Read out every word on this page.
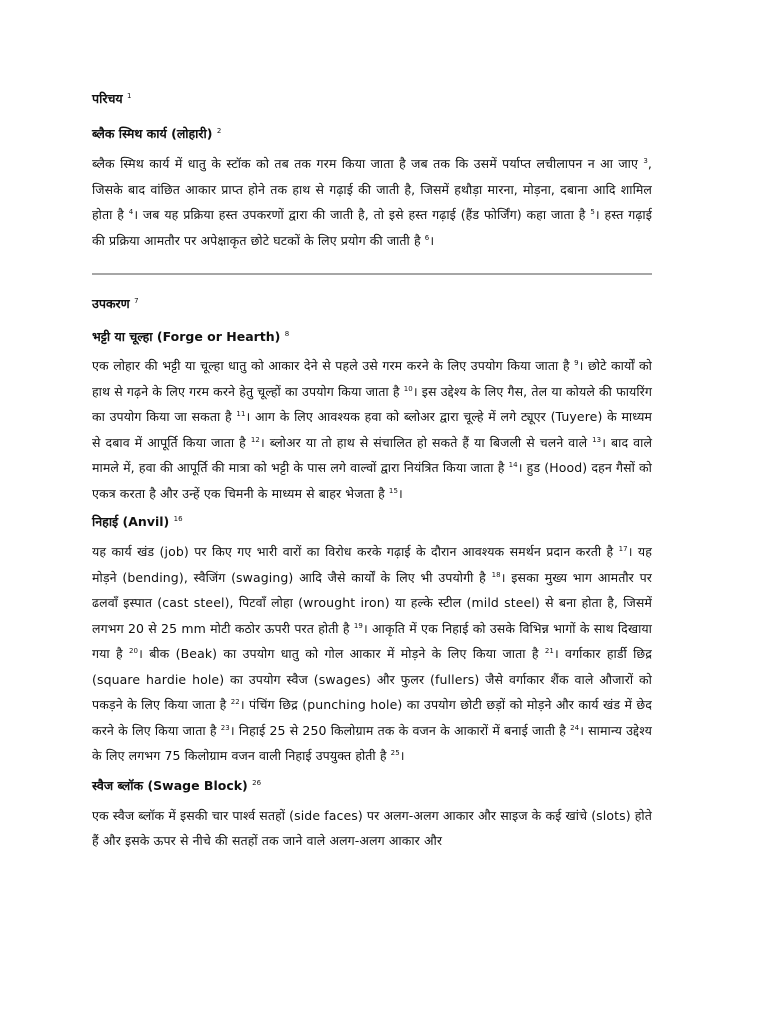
परिचय $^1$

ब्लैक स्मिथ कार्य (लोहारी) $^2$

ब्लैक स्मिथ कार्य में धातु के स्टॉक को तब तक गरम किया जाता है जब तक कि उसमें पर्याप्त लचीलापन न आ जाए $^3$, जिसके बाद वांछित आकार प्राप्त होने तक हाथ से गढ़ाई की जाती है, जिसमें हथौड़ा मारना, मोड़ना, दबाना आदि शामिल होता है $^4$। जब यह प्रक्रिया हस्त उपकरणों द्वारा की जाती है, तो इसे हस्त गढ़ाई (हैंड फोर्जिंग) कहा जाता है $^5$। हस्त गढ़ाई की प्रक्रिया आमतौर पर अपेक्षाकृत छोटे घटकों के लिए प्रयोग की जाती है $^6$।

उपकरण $^7$

भट्टी या चूल्हा (Forge or Hearth) $^8$

एक लोहार की भट्टी या चूल्हा धातु को आकार देने से पहले उसे गरम करने के लिए उपयोग किया जाता है $^9$। छोटे कार्यों को हाथ से गढ़ने के लिए गरम करने हेतु चूल्हों का उपयोग किया जाता है $^{10}$। इस उद्देश्य के लिए गैस, तेल या कोयले की फायरिंग का उपयोग किया जा सकता है $^{11}$। आग के लिए आवश्यक हवा को ब्लोअर द्वारा चूल्हे में लगे ट्यूएर (Tuyere) के माध्यम से दबाव में आपूर्ति किया जाता है $^{12}$। ब्लोअर या तो हाथ से संचालित हो सकते हैं या बिजली से चलने वाले $^{13}$। बाद वाले मामले में, हवा की आपूर्ति की मात्रा को भट्टी के पास लगे वाल्वों द्वारा नियंत्रित किया जाता है $^{14}$। हुड (Hood) दहन गैसों को एकत्र करता है और उन्हें एक चिमनी के माध्यम से बाहर भेजता है $^{15}$।

निहाई (Anvil) $^{16}$

यह कार्य खंड (job) पर किए गए भारी वारों का विरोध करके गढ़ाई के दौरान आवश्यक समर्थन प्रदान करती है $^{17}$। यह मोड़ने (bending), स्वैजिंग (swaging) आदि जैसे कार्यों के लिए भी उपयोगी है $^{18}$। इसका मुख्य भाग आमतौर पर ढलवाँ इस्पात (cast steel), पिटवाँ लोहा (wrought iron) या हल्के स्टील (mild steel) से बना होता है, जिसमें लगभग 20 से 25 mm मोटी कठोर ऊपरी परत होती है $^{19}$। आकृति में एक निहाई को उसके विभिन्न भागों के साथ दिखाया गया है $^{20}$। बीक (Beak) का उपयोग धातु को गोल आकार में मोड़ने के लिए किया जाता है $^{21}$। वर्गाकार हार्डी छिद्र (square hardie hole) का उपयोग स्वैज (swages) और फुलर (fullers) जैसे वर्गाकार शैंक वाले औजारों को पकड़ने के लिए किया जाता है $^{22}$। पंचिंग छिद्र (punching hole) का उपयोग छोटी छड़ों को मोड़ने और कार्य खंड में छेद करने के लिए किया जाता है $^{23}$। निहाई 25 से 250 किलोग्राम तक के वजन के आकारों में बनाई जाती है $^{24}$। सामान्य उद्देश्य के लिए लगभग 75 किलोग्राम वजन वाली निहाई उपयुक्त होती है $^{25}$।

स्वैज ब्लॉक (Swage Block) $^{26}$

एक स्वैज ब्लॉक में इसकी चार पार्श्व सतहों (side faces) पर अलग-अलग आकार और साइज के कई खांचे (slots) होते हैं और इसके ऊपर से नीचे की सतहों तक जाने वाले अलग-अलग आकार और
